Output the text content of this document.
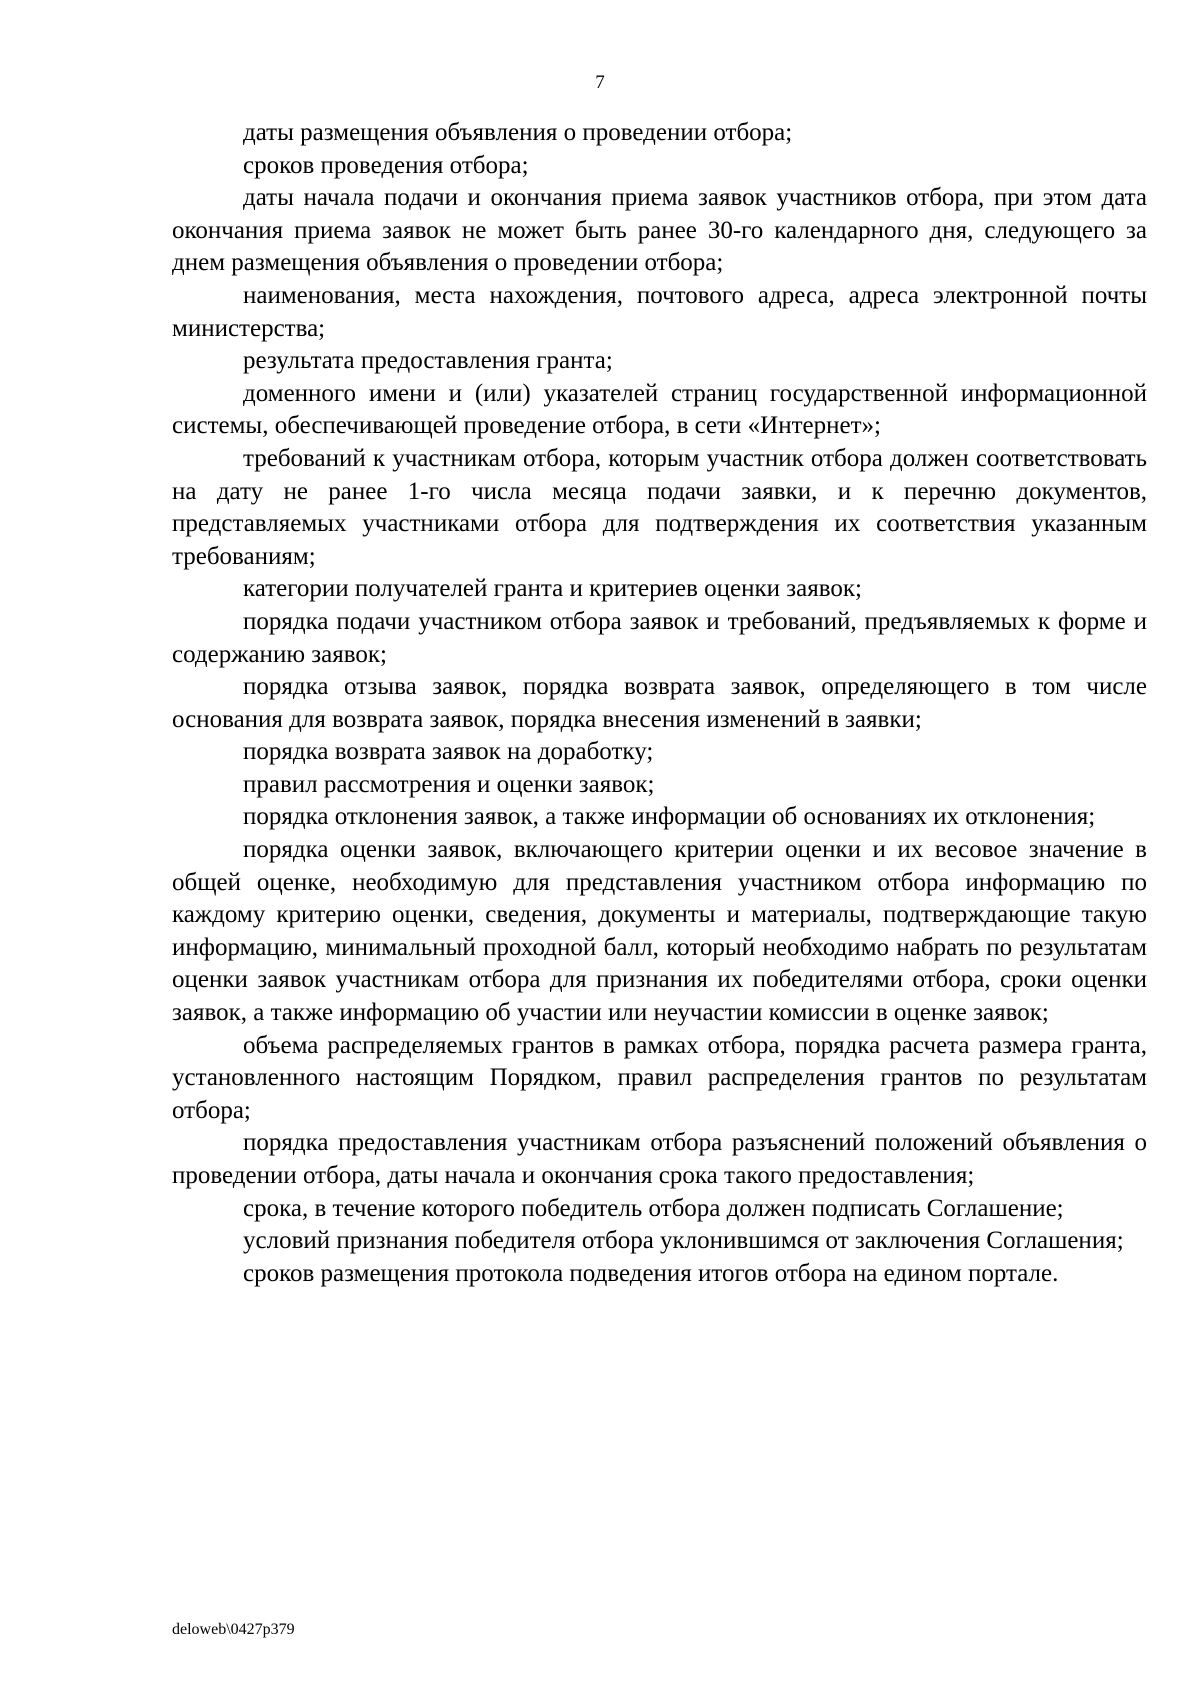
7

даты размещения объявления о проведении отбора;

сроков проведения отбора;

даты начала подачи и окончания приема заявок участников отбора, при этом дата окончания приема заявок не может быть ранее 30-го календарного дня, следующего за днем размещения объявления о проведении отбора;

наименования, места нахождения, почтового адреса, адреса электронной почты министерства;

результата предоставления гранта;

доменного имени и (или) указателей страниц государственной информационной системы, обеспечивающей проведение отбора, в сети «Интернет»;

требований к участникам отбора, которым участник отбора должен соответствовать на дату не ранее 1-го числа месяца подачи заявки, и к перечню документов, представляемых участниками отбора для подтверждения их соответствия указанным требованиям;

категории получателей гранта и критериев оценки заявок;

порядка подачи участником отбора заявок и требований, предъявляемых к форме и содержанию заявок;

порядка отзыва заявок, порядка возврата заявок, определяющего в том числе основания для возврата заявок, порядка внесения изменений в заявки;

порядка возврата заявок на доработку;

правил рассмотрения и оценки заявок;

порядка отклонения заявок, а также информации об основаниях их отклонения;

порядка оценки заявок, включающего критерии оценки и их весовое значение в общей оценке, необходимую для представления участником отбора информацию по каждому критерию оценки, сведения, документы и материалы, подтверждающие такую информацию, минимальный проходной балл, который необходимо набрать по результатам оценки заявок участникам отбора для признания их победителями отбора, сроки оценки заявок, а также информацию об участии или неучастии комиссии в оценке заявок;

объема распределяемых грантов в рамках отбора, порядка расчета размера гранта, установленного настоящим Порядком, правил распределения грантов по результатам отбора;

порядка предоставления участникам отбора разъяснений положений объявления о проведении отбора, даты начала и окончания срока такого предоставления;

срока, в течение которого победитель отбора должен подписать Соглашение;

условий признания победителя отбора уклонившимся от заключения Соглашения;

сроков размещения протокола подведения итогов отбора на едином портале.

deloweb\0427p379
